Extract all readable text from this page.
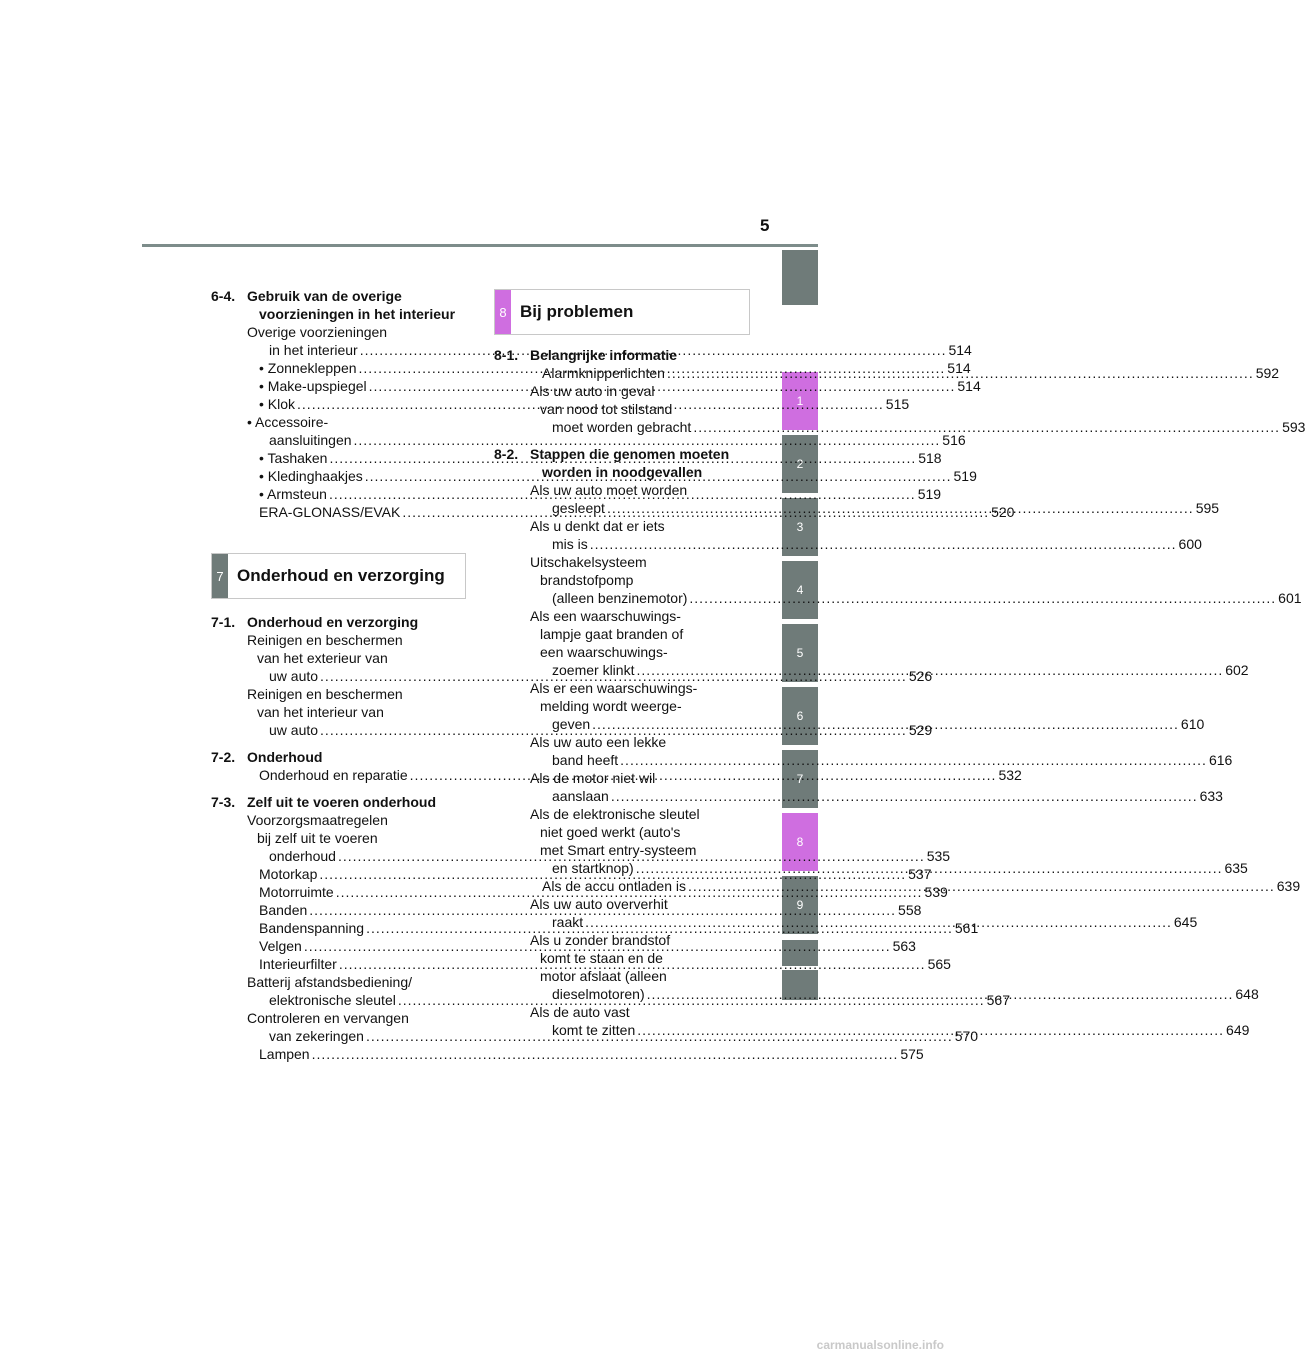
5
1
2
3
4
5
6
7
8
9
6-4. Gebruik van de overige voorzieningen in het interieur
Overige voorzieningen
in het interieur .....	514
• Zonnekleppen .....	514
• Make-upspiegel .....	514
• Klok .....	515
• Accessoire-
aansluitingen .....	516
• Tashaken .....	518
• Kledinghaakjes .....	519
• Armsteun .....	519
ERA-GLONASS/EVAK .....	520
7 Onderhoud en verzorging
7-1. Onderhoud en verzorging
Reinigen en beschermen
van het exterieur van
uw auto .....	526
Reinigen en beschermen
van het interieur van
uw auto .....	529
7-2. Onderhoud
Onderhoud en reparatie .....	532
7-3. Zelf uit te voeren onderhoud
Voorzorgsmaatregelen
bij zelf uit te voeren
onderhoud .....	535
Motorkap .....	537
Motorruimte .....	539
Banden .....	558
Bandenspanning .....	561
Velgen .....	563
Interieurfilter .....	565
Batterij afstandsbediening/
elektronische sleutel .....	567
Controleren en vervangen
van zekeringen .....	570
Lampen .....	575
8 Bij problemen
8-1. Belangrijke informatie
Alarmknipperlichten .....	592
Als uw auto in geval
van nood tot stilstand
moet worden gebracht .....	593
8-2. Stappen die genomen moeten worden in noodgevallen
Als uw auto moet worden
gesleept .....	595
Als u denkt dat er iets
mis is .....	600
Uitschakelsysteem
brandstofpomp
(alleen benzinemotor) .....	601
Als een waarschuwings-
lampje gaat branden of
een waarschuwings-
zoemer klinkt .....	602
Als er een waarschuwings-
melding wordt weerge-
geven .....	610
Als uw auto een lekke
band heeft .....	616
Als de motor niet wil
aanslaan .....	633
Als de elektronische sleutel
niet goed werkt (auto's
met Smart entry-systeem
en startknop) .....	635
Als de accu ontladen is .....	639
Als uw auto oververhit
raakt .....	645
Als u zonder brandstof
komt te staan en de
motor afslaat (alleen
dieselmotoren) .....	648
Als de auto vast
komt te zitten .....	649
carmanualsonline.info
